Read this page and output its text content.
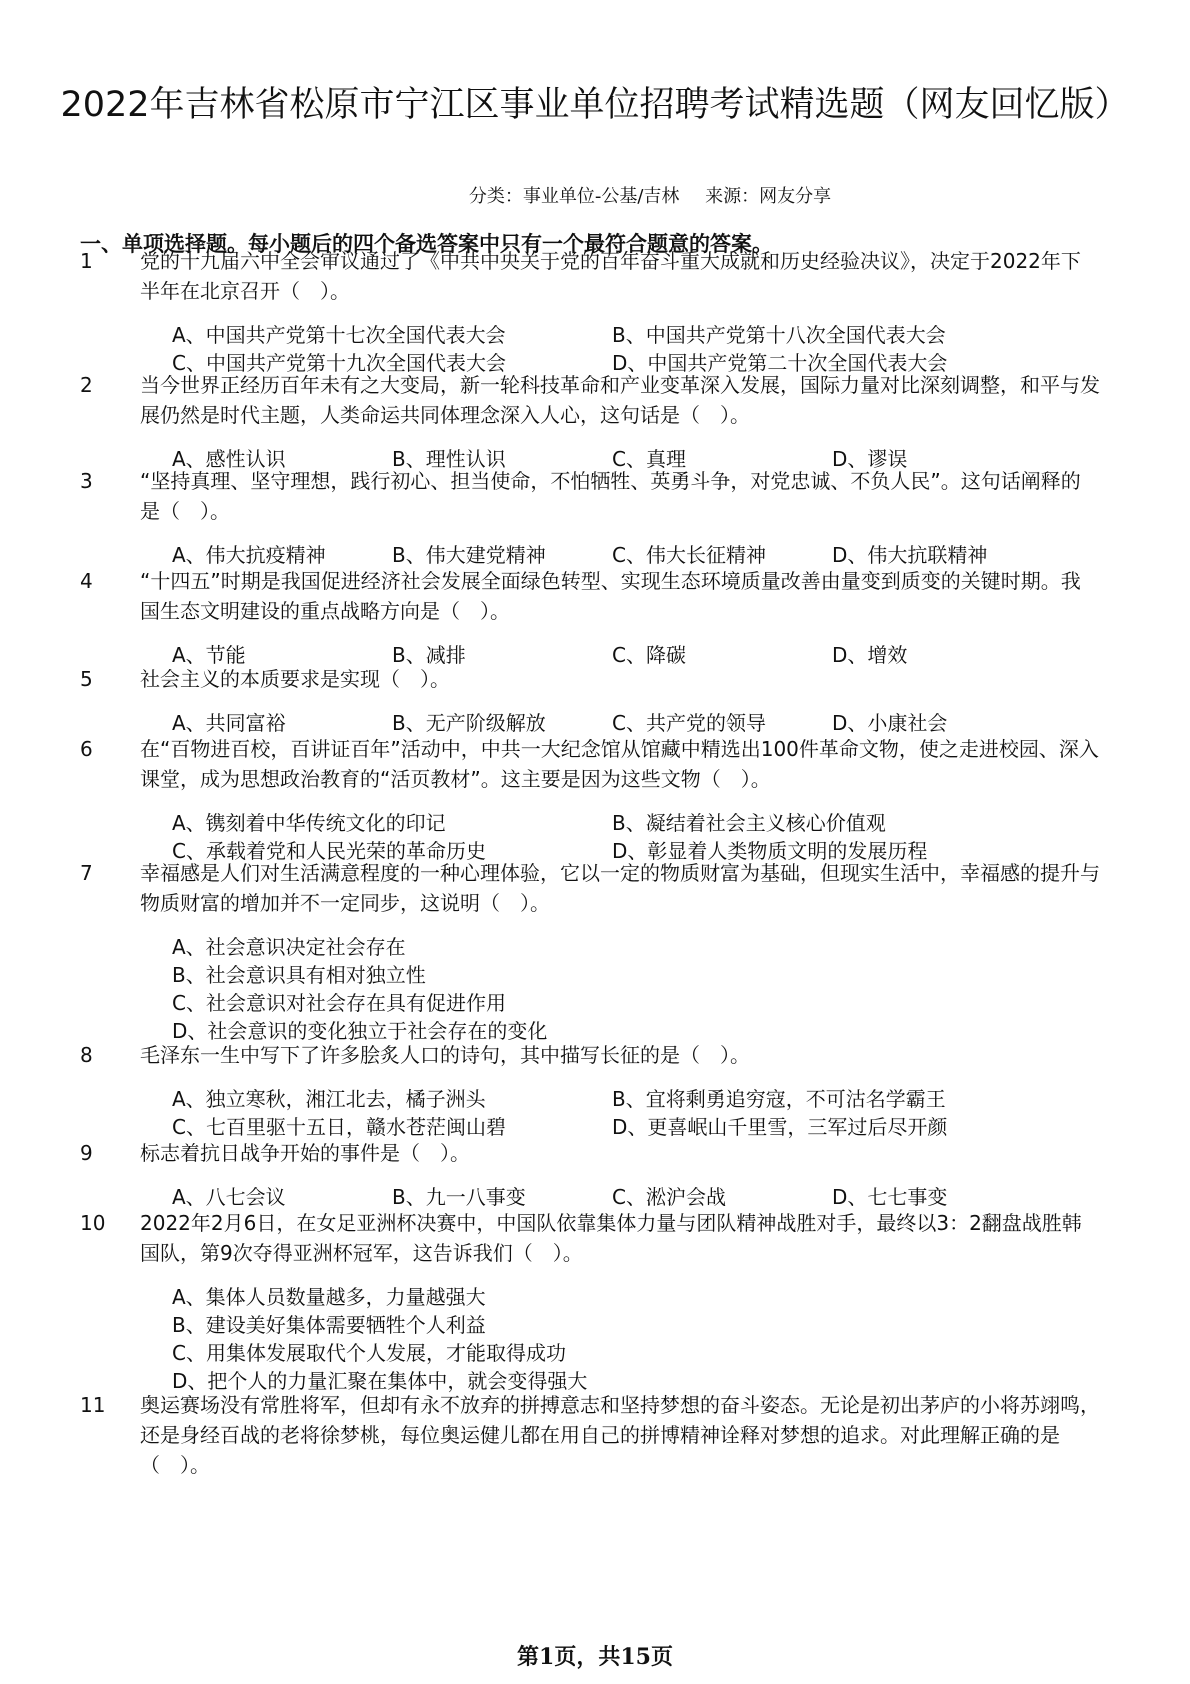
2022年吉林省松原市宁江区事业单位招聘考试精选题（网友回忆版）
分类：事业单位-公基/吉林 来源：网友分享
一、单项选择题。每小题后的四个备选答案中只有一个最符合题意的答案。
1 党的十九届六中全会审议通过了《中共中央关于党的百年奋斗重大成就和历史经验决议》，决定于2022年下半年在北京召开（　）。
A、中国共产党第十七次全国代表大会	B、中国共产党第十八次全国代表大会
C、中国共产党第十九次全国代表大会	D、中国共产党第二十次全国代表大会
2 当今世界正经历百年未有之大变局，新一轮科技革命和产业变革深入发展，国际力量对比深刻调整，和平与发展仍然是时代主题，人类命运共同体理念深入人心，这句话是（　）。
A、感性认识	B、理性认识	C、真理	D、谬误
3 “坚持真理、坚守理想，践行初心、担当使命，不怕牺牲、英勇斗争，对党忠诚、不负人民”。这句话阐释的是（　）。
A、伟大抗疫精神	B、伟大建党精神	C、伟大长征精神	D、伟大抗联精神
4 “十四五”时期是我国促进经济社会发展全面绿色转型、实现生态环境质量改善由量变到质变的关键时期。我国生态文明建设的重点战略方向是（　）。
A、节能	B、减排	C、降碳	D、增效
5 社会主义的本质要求是实现（　）。
A、共同富裕	B、无产阶级解放	C、共产党的领导	D、小康社会
6 在“百物进百校，百讲证百年”活动中，中共一大纪念馆从馆藏中精选出100件革命文物，使之走进校园、深入课堂，成为思想政治教育的“活页教材”。这主要是因为这些文物（　）。
A、镌刻着中华传统文化的印记	B、凝结着社会主义核心价值观
C、承载着党和人民光荣的革命历史	D、彰显着人类物质文明的发展历程
7 幸福感是人们对生活满意程度的一种心理体验，它以一定的物质财富为基础，但现实生活中，幸福感的提升与物质财富的增加并不一定同步，这说明（　）。
A、社会意识决定社会存在
B、社会意识具有相对独立性
C、社会意识对社会存在具有促进作用
D、社会意识的变化独立于社会存在的变化
8 毛泽东一生中写下了许多脍炙人口的诗句，其中描写长征的是（　）。
A、独立寒秋，湘江北去，橘子洲头	B、宜将剩勇追穷寇，不可沽名学霸王
C、七百里驱十五日，赣水苍茫闽山碧	D、更喜岷山千里雪，三军过后尽开颜
9 标志着抗日战争开始的事件是（　）。
A、八七会议	B、九一八事变	C、淞沪会战	D、七七事变
10 2022年2月6日，在女足亚洲杯决赛中，中国队依靠集体力量与团队精神战胜对手，最终以3：2翻盘战胜韩国队，第9次夺得亚洲杯冠军，这告诉我们（　）。
A、集体人员数量越多，力量越强大
B、建设美好集体需要牺牲个人利益
C、用集体发展取代个人发展，才能取得成功
D、把个人的力量汇聚在集体中，就会变得强大
11 奥运赛场没有常胜将军，但却有永不放弃的拼搏意志和坚持梦想的奋斗姿态。无论是初出茅庐的小将苏翊鸣，还是身经百战的老将徐梦桃，每位奥运健儿都在用自己的拼博精神诠释对梦想的追求。对此理解正确的是（　）。
第1页，共15页
